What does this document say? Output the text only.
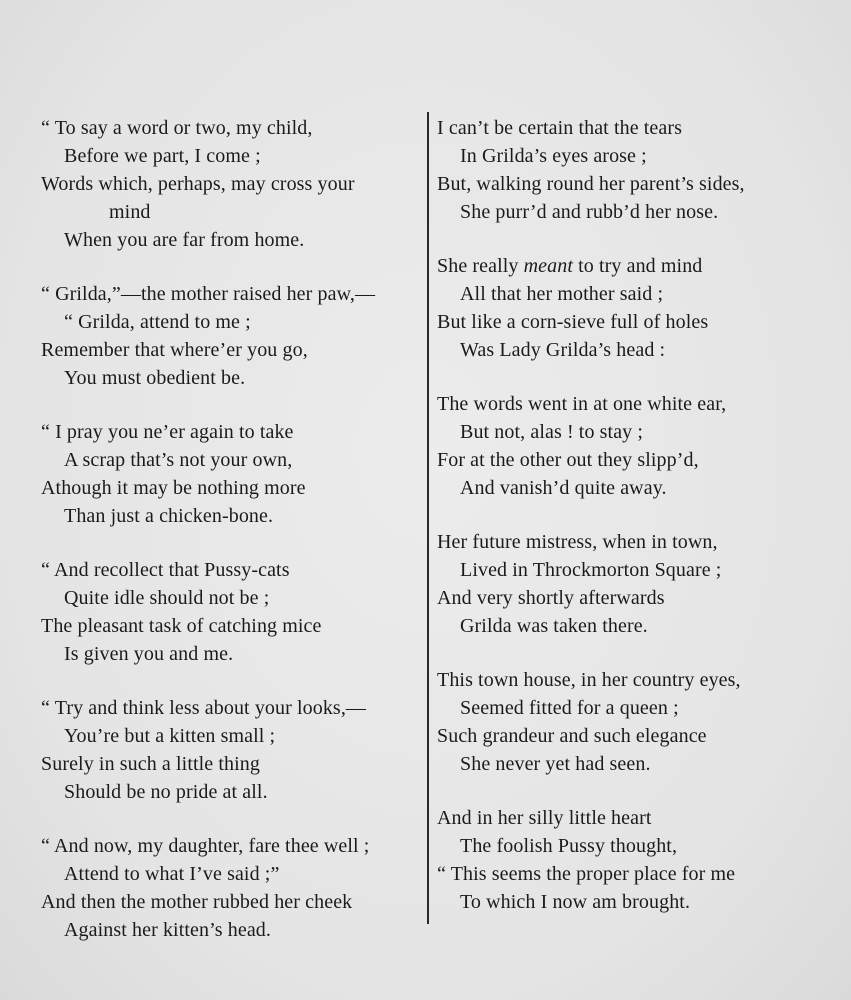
“ To say a word or two, my child,
Before we part, I come ;
Words which, perhaps, may cross your
mind
When you are far from home.
“ Grilda,”—the mother raised her paw,—
“ Grilda, attend to me ;
Remember that where’er you go,
You must obedient be.
“ I pray you ne’er again to take
A scrap that’s not your own,
Athough it may be nothing more
Than just a chicken-bone.
“ And recollect that Pussy-cats
Quite idle should not be ;
The pleasant task of catching mice
Is given you and me.
“ Try and think less about your looks,—
You’re but a kitten small ;
Surely in such a little thing
Should be no pride at all.
“ And now, my daughter, fare thee well ;
Attend to what I’ve said ;”
And then the mother rubbed her cheek
Against her kitten’s head.
I can’t be certain that the tears
In Grilda’s eyes arose ;
But, walking round her parent’s sides,
She purr’d and rubb’d her nose.
She really meant to try and mind
All that her mother said ;
But like a corn-sieve full of holes
Was Lady Grilda’s head :
The words went in at one white ear,
But not, alas ! to stay ;
For at the other out they slipp’d,
And vanish’d quite away.
Her future mistress, when in town,
Lived in Throckmorton Square ;
And very shortly afterwards
Grilda was taken there.
This town house, in her country eyes,
Seemed fitted for a queen ;
Such grandeur and such elegance
She never yet had seen.
And in her silly little heart
The foolish Pussy thought,
“ This seems the proper place for me
To which I now am brought.
